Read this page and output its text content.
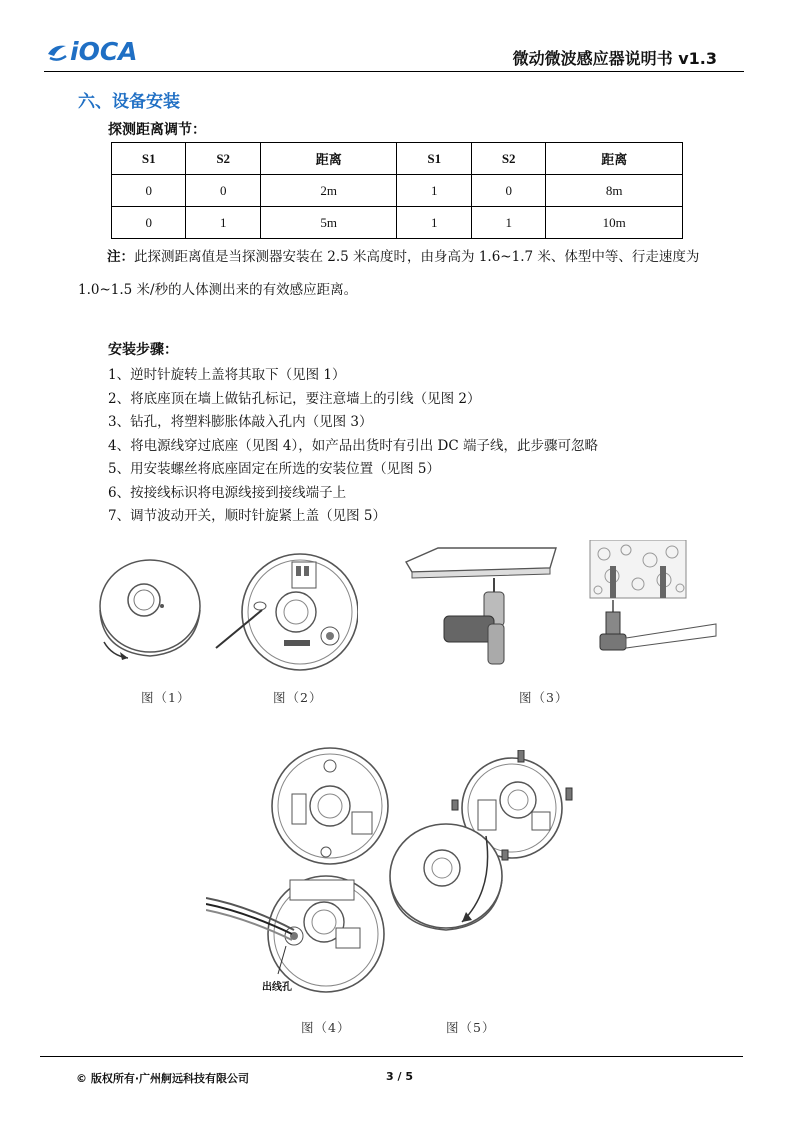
iOCA	微动微波感应器说明书 v1.3
六、设备安装
探测距离调节：
S1	S2	距离	S1	S2	距离
0	0	2m	1	0	8m
0	1	5m	1	1	10m
注：此探测距离值是当探测器安装在 2.5 米高度时，由身高为 1.6~1.7 米、体型中等、行走速度为 1.0~1.5 米/秒的人体测出来的有效感应距离。
安装步骤：
1、逆时针旋转上盖将其取下（见图 1）
2、将底座顶在墙上做钻孔标记，要注意墙上的引线（见图 2）
3、钻孔，将塑料膨胀体敲入孔内（见图 3）
4、将电源线穿过底座（见图 4），如产品出货时有引出 DC 端子线，此步骤可忽略
5、用安装螺丝将底座固定在所选的安装位置（见图 5）
6、按接线标识将电源线接到接线端子上
7、调节波动开关，顺时针旋紧上盖（见图 5）
图（1）	图（2）	图（3）
出线孔
图（4）	图（5）
© 版权所有·广州舸远科技有限公司	3 / 5
